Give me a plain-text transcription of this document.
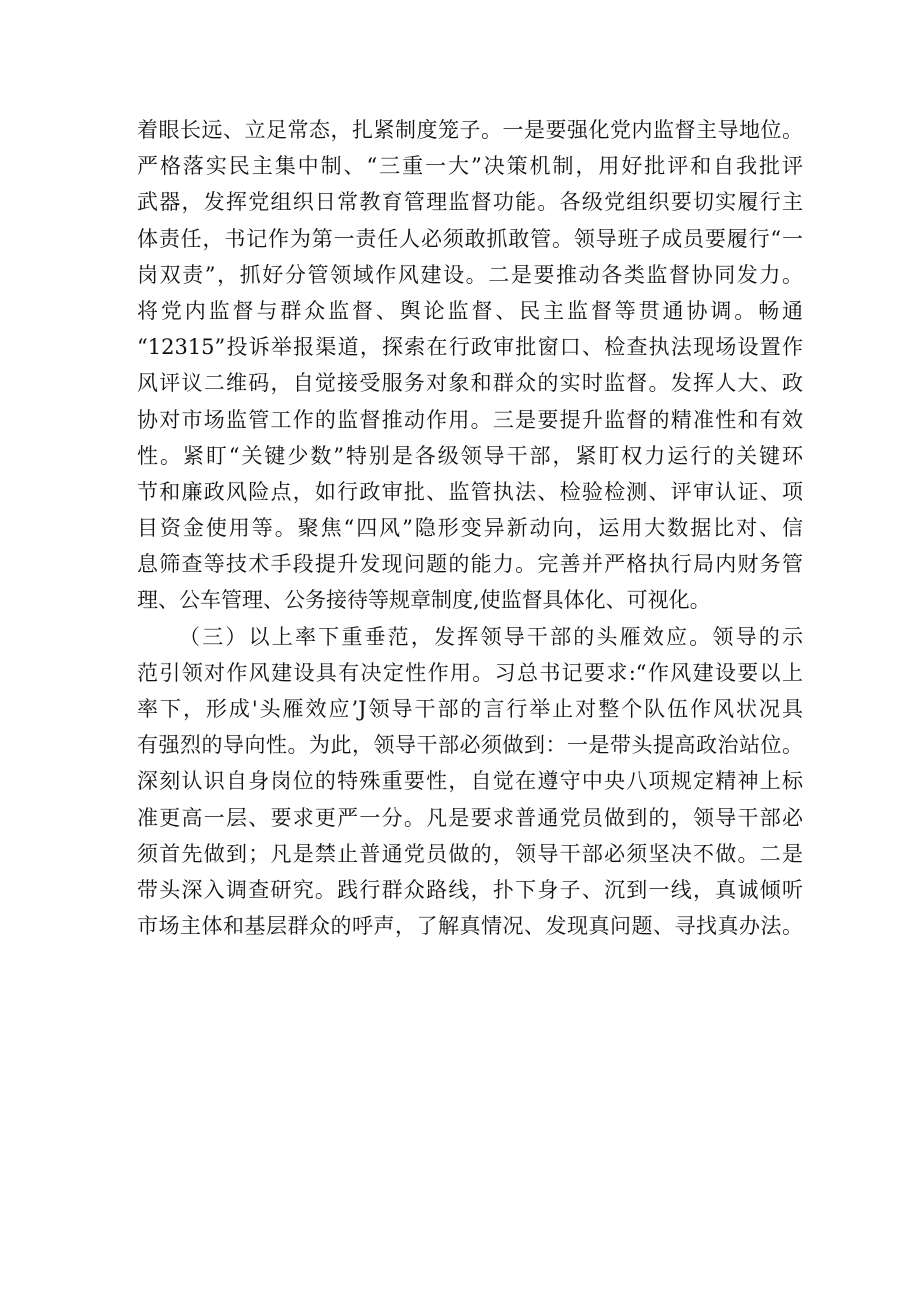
着眼长远、立足常态，扎紧制度笼子。一是要强化党内监督主导地位。
严格落实民主集中制、“三重一大”决策机制，用好批评和自我批评
武器，发挥党组织日常教育管理监督功能。各级党组织要切实履行主
体责任，书记作为第一责任人必须敢抓敢管。领导班子成员要履行“一
岗双责”，抓好分管领域作风建设。二是要推动各类监督协同发力。
将党内监督与群众监督、舆论监督、民主监督等贯通协调。畅通
“12315”投诉举报渠道，探索在行政审批窗口、检查执法现场设置作
风评议二维码，自觉接受服务对象和群众的实时监督。发挥人大、政
协对市场监管工作的监督推动作用。三是要提升监督的精准性和有效
性。紧盯“关键少数”特别是各级领导干部，紧盯权力运行的关键环
节和廉政风险点，如行政审批、监管执法、检验检测、评审认证、项
目资金使用等。聚焦“四风”隐形变异新动向，运用大数据比对、信
息筛查等技术手段提升发现问题的能力。完善并严格执行局内财务管
理、公车管理、公务接待等规章制度,使监督具体化、可视化。
（三）以上率下重垂范，发挥领导干部的头雁效应。领导的示
范引领对作风建设具有决定性作用。习总书记要求:“作风建设要以上
率下，形成'头雁效应’J领导干部的言行举止对整个队伍作风状况具
有强烈的导向性。为此，领导干部必须做到：一是带头提高政治站位。
深刻认识自身岗位的特殊重要性，自觉在遵守中央八项规定精神上标
准更高一层、要求更严一分。凡是要求普通党员做到的，领导干部必
须首先做到；凡是禁止普通党员做的，领导干部必须坚决不做。二是
带头深入调查研究。践行群众路线，扑下身子、沉到一线，真诚倾听
市场主体和基层群众的呼声，了解真情况、发现真问题、寻找真办法。
